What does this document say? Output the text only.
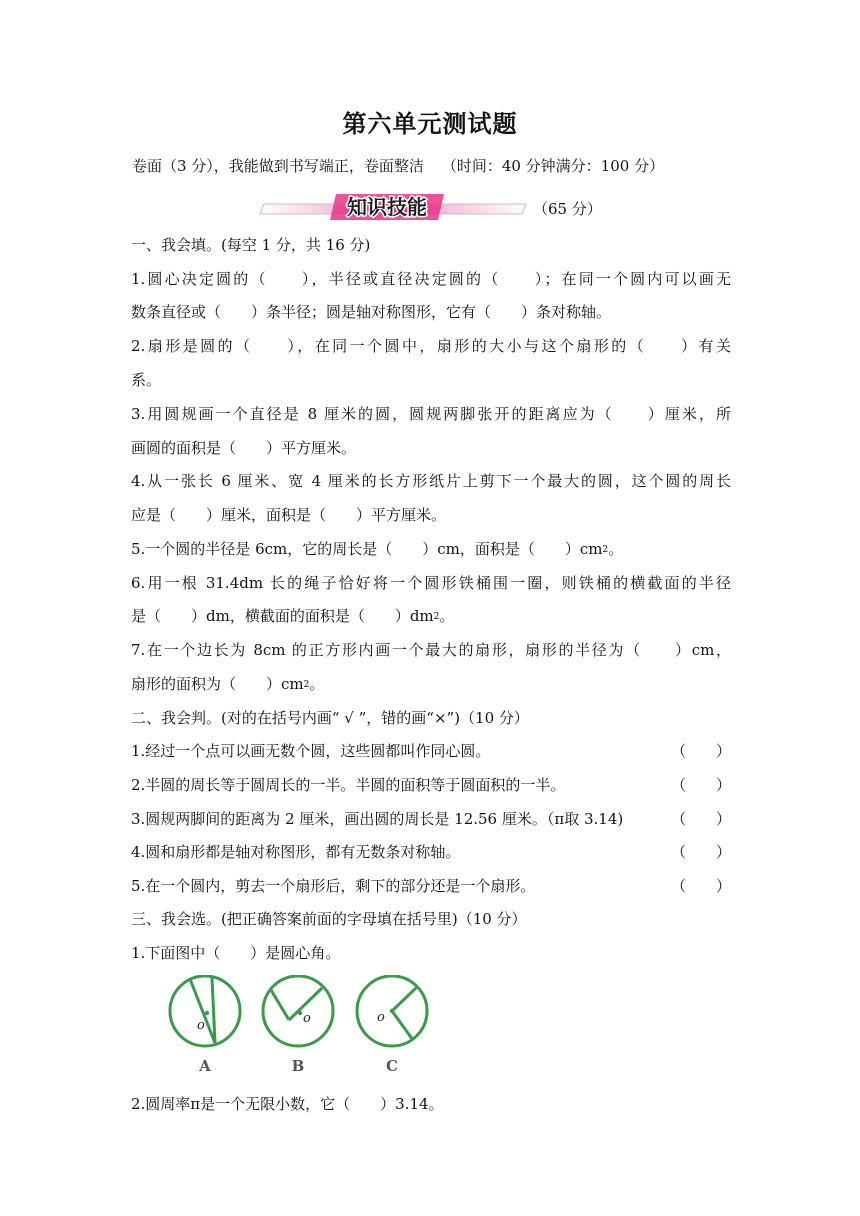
第六单元测试题
卷面（3 分），我能做到书写端正，卷面整洁 （时间：40 分钟满分：100 分）
知识技能	（65 分）
一、我会填。(每空 1 分，共 16 分)
1.圆心决定圆的（　　），半径或直径决定圆的（　　）；在同一个圆内可以画无
数条直径或（　　）条半径；圆是轴对称图形，它有（　　）条对称轴。
2.扇形是圆的（　　），在同一个圆中，扇形的大小与这个扇形的（　　）有关
系。
3.用圆规画一个直径是 8 厘米的圆，圆规两脚张开的距离应为（　　）厘米，所
画圆的面积是（　　）平方厘米。
4.从一张长 6 厘米、宽 4 厘米的长方形纸片上剪下一个最大的圆，这个圆的周长
应是（　　）厘米，面积是（　　）平方厘米。
5.一个圆的半径是 6cm，它的周长是（　　）cm，面积是（　　）$cm^2$。
6.用一根 31.4dm 长的绳子恰好将一个圆形铁桶围一圈，则铁桶的横截面的半径
是（　　）dm，横截面的面积是（　　）$dm^2$。
7.在一个边长为 8cm 的正方形内画一个最大的扇形，扇形的半径为（　　）cm，
扇形的面积为（　　）$cm^2$。
二、我会判。(对的在括号内画“ √ ”，错的画“×”)（10 分）
1.经过一个点可以画无数个圆，这些圆都叫作同心圆。	（　　）
2.半圆的周长等于圆周长的一半。半圆的面积等于圆面积的一半。	（　　）
3.圆规两脚间的距离为 2 厘米，画出圆的周长是 12.56 厘米。（π取 3.14)	（　　）
4.圆和扇形都是轴对称图形，都有无数条对称轴。	（　　）
5.在一个圆内，剪去一个扇形后，剩下的部分还是一个扇形。	（　　）
三、我会选。(把正确答案前面的字母填在括号里)（10 分）
1.下面图中（　　）是圆心角。
o	o	o
A	B	C
2.圆周率π是一个无限小数，它（　　）3.14。
